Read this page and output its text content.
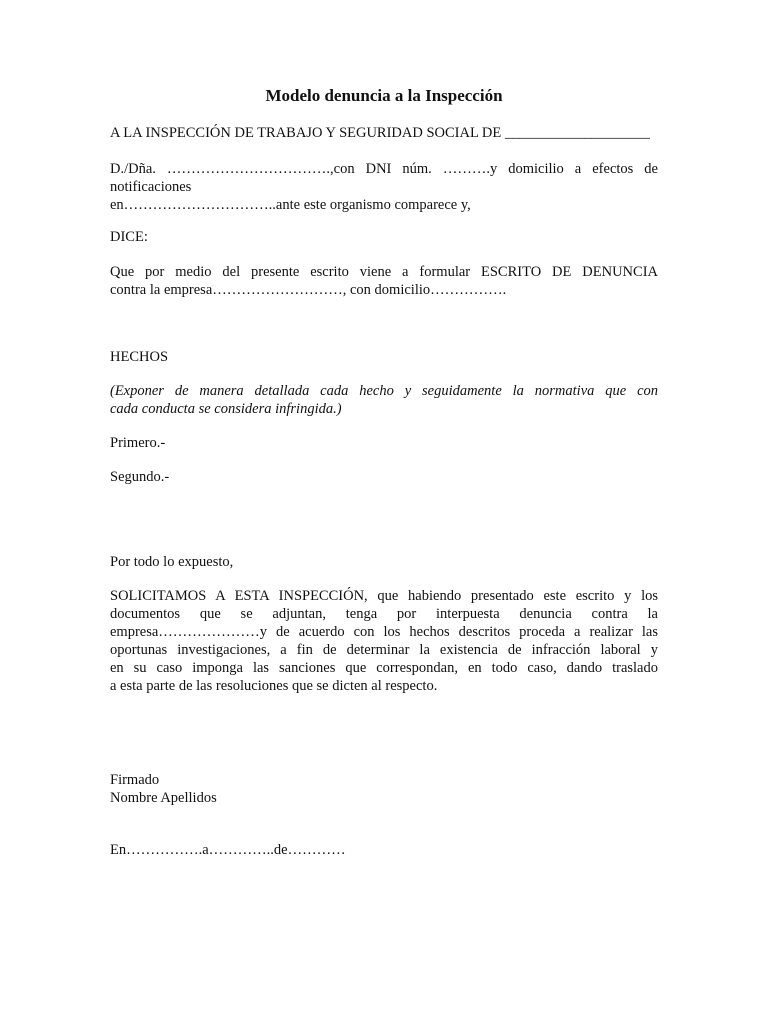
Modelo denuncia a la Inspección
A LA INSPECCIÓN DE TRABAJO Y SEGURIDAD SOCIAL DE ____________________
D./Dña. …………………………….,con DNI núm. ……….y domicilio a efectos de notificaciones
en…………………………..ante este organismo comparece y,
DICE:
Que por medio del presente escrito viene a formular ESCRITO DE DENUNCIA
contra la empresa………………………, con domicilio…………….
HECHOS
(Exponer de manera detallada cada hecho y seguidamente la normativa que con
cada conducta se considera infringida.)
Primero.-
Segundo.-
Por todo lo expuesto,
SOLICITAMOS A ESTA INSPECCIÓN, que habiendo presentado este escrito y los
documentos que se adjuntan, tenga por interpuesta denuncia contra la
empresa…………………y de acuerdo con los hechos descritos proceda a realizar las
oportunas investigaciones, a fin de determinar la existencia de infracción laboral y
en su caso imponga las sanciones que correspondan, en todo caso, dando traslado
a esta parte de las resoluciones que se dicten al respecto.
Firmado
Nombre Apellidos
En…………….a…………..de…………
